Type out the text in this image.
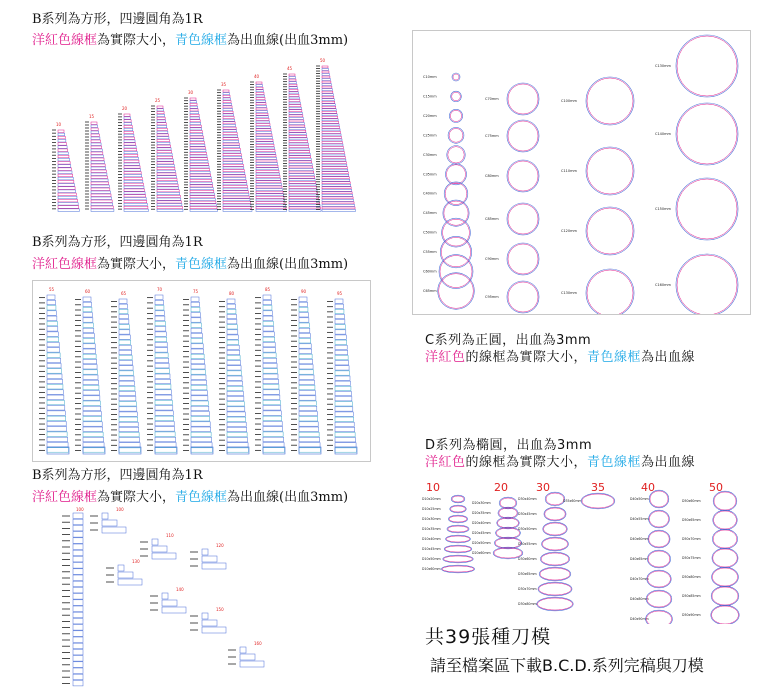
B系列為方形，四邊圓角為1R
洋紅色線框為實際大小，青色線框為出血線(出血3mm)
10
15
20
25
30
35
40
45
50
B系列為方形，四邊圓角為1R
洋紅色線框為實際大小，青色線框為出血線(出血3mm)
55	60	65
70	75	80
85	90	95
B系列為方形，四邊圓角為1R
洋紅色線框為實際大小，青色線框為出血線(出血3mm)
100	100
110
120
130
140
150
160
C10mm
C15mm
C20mm
C25mm
C30mm
C35mm
C40mm
C45mm
C50mm
C55mm
C60mm
C65mm
C70mm
C75mm
C80mm
C85mm
C90mm
C95mm
C100mm
C110mm
C120mm
C130mm
C130mm
C140mm
C150mm
C160mm
C系列為正圓，出血為3mm
洋紅色的線框為實際大小，青色線框為出血線
D系列為橢圓，出血為3mm
洋紅色的線框為實際大小，青色線框為出血線
10	20	30	35	40	50
D10x20mm
D10x25mm
D10x30mm
D10x35mm
D10x40mm
D10x45mm
D10x50mm
D10x60mm
D20x30mm
D20x35mm
D20x40mm
D20x45mm
D20x50mm
D20x60mm
D30x40mm
D30x45mm
D30x50mm
D30x55mm
D30x60mm
D30x65mm
D30x70mm
D30x80mm
D35x60mm	D40x50mm
D40x55mm
D40x60mm
D40x65mm
D40x70mm
D40x80mm
D40x90mm
D50x60mm
D50x65mm
D50x70mm
D50x75mm
D50x80mm
D50x85mm
D50x90mm
共39張種刀模
請至檔案區下載B.C.D.系列完稿與刀模
